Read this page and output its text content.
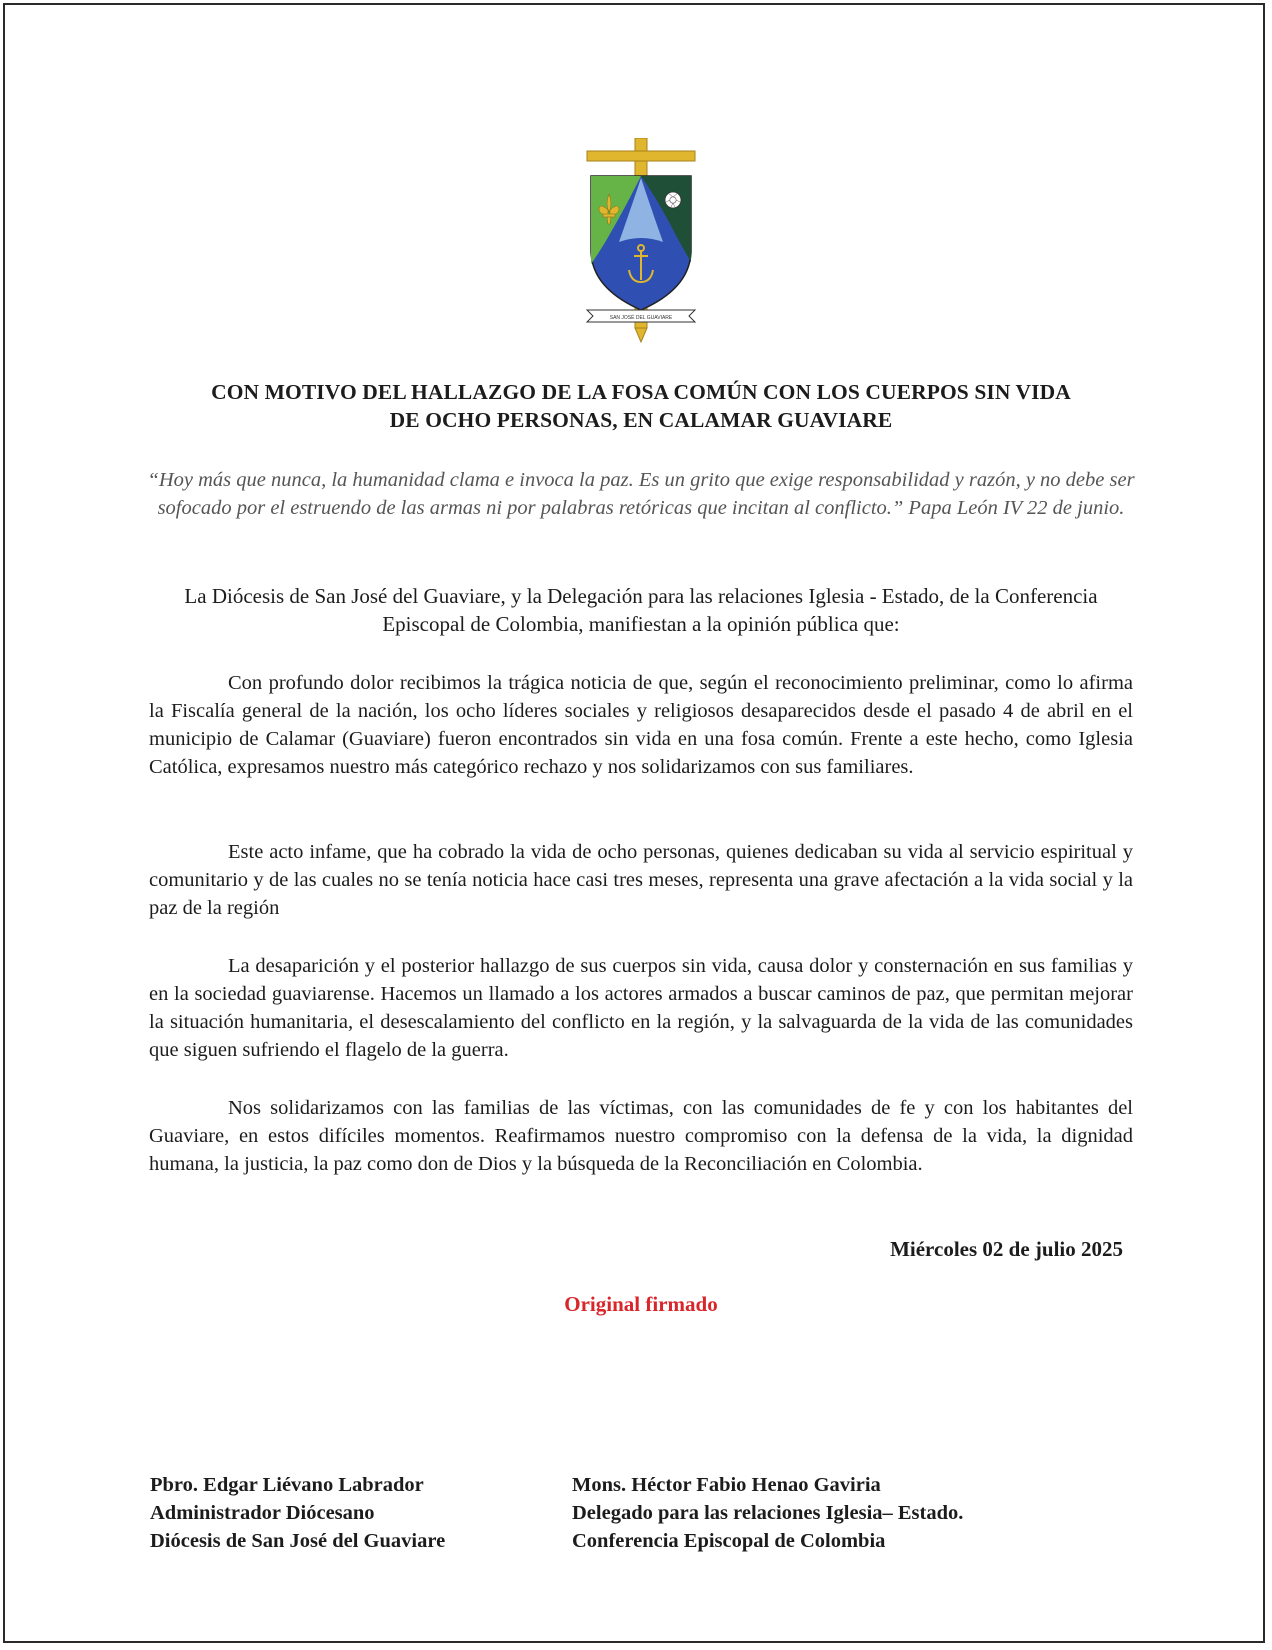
SAN JOSÉ DEL GUAVIARE
CON MOTIVO DEL HALLAZGO DE LA FOSA COMÚN CON LOS CUERPOS SIN VIDA
DE OCHO PERSONAS, EN CALAMAR GUAVIARE

“Hoy más que nunca, la humanidad clama e invoca la paz. Es un grito que exige responsabilidad y razón, y no debe ser sofocado por el estruendo de las armas ni por palabras retóricas que incitan al conflicto.” Papa León IV 22 de junio.

La Diócesis de San José del Guaviare, y la Delegación para las relaciones Iglesia - Estado, de la Conferencia Episcopal de Colombia, manifiestan a la opinión pública que:

Con profundo dolor recibimos la trágica noticia de que, según el reconocimiento preliminar, como lo afirma la Fiscalía general de la nación, los ocho líderes sociales y religiosos desaparecidos desde el pasado 4 de abril en el municipio de Calamar (Guaviare) fueron encontrados sin vida en una fosa común. Frente a este hecho, como Iglesia Católica, expresamos nuestro más categórico rechazo y nos solidarizamos con sus familiares.

Este acto infame, que ha cobrado la vida de ocho personas, quienes dedicaban su vida al servicio espiritual y comunitario y de las cuales no se tenía noticia hace casi tres meses, representa una grave afectación a la vida social y la paz de la región

La desaparición y el posterior hallazgo de sus cuerpos sin vida, causa dolor y consternación en sus familias y en la sociedad guaviarense. Hacemos un llamado a los actores armados a buscar caminos de paz, que permitan mejorar la situación humanitaria, el desescalamiento del conflicto en la región, y la salvaguarda de la vida de las comunidades que siguen sufriendo el flagelo de la guerra.

Nos solidarizamos con las familias de las víctimas, con las comunidades de fe y con los habitantes del Guaviare, en estos difíciles momentos. Reafirmamos nuestro compromiso con la defensa de la vida, la dignidad humana, la justicia, la paz como don de Dios y la búsqueda de la Reconciliación en Colombia.

Miércoles 02 de julio 2025

Original firmado

Pbro. Edgar Liévano Labrador
Administrador Diócesano
Diócesis de San José del Guaviare
Mons. Héctor Fabio Henao Gaviria
Delegado para las relaciones Iglesia– Estado.
Conferencia Episcopal de Colombia
